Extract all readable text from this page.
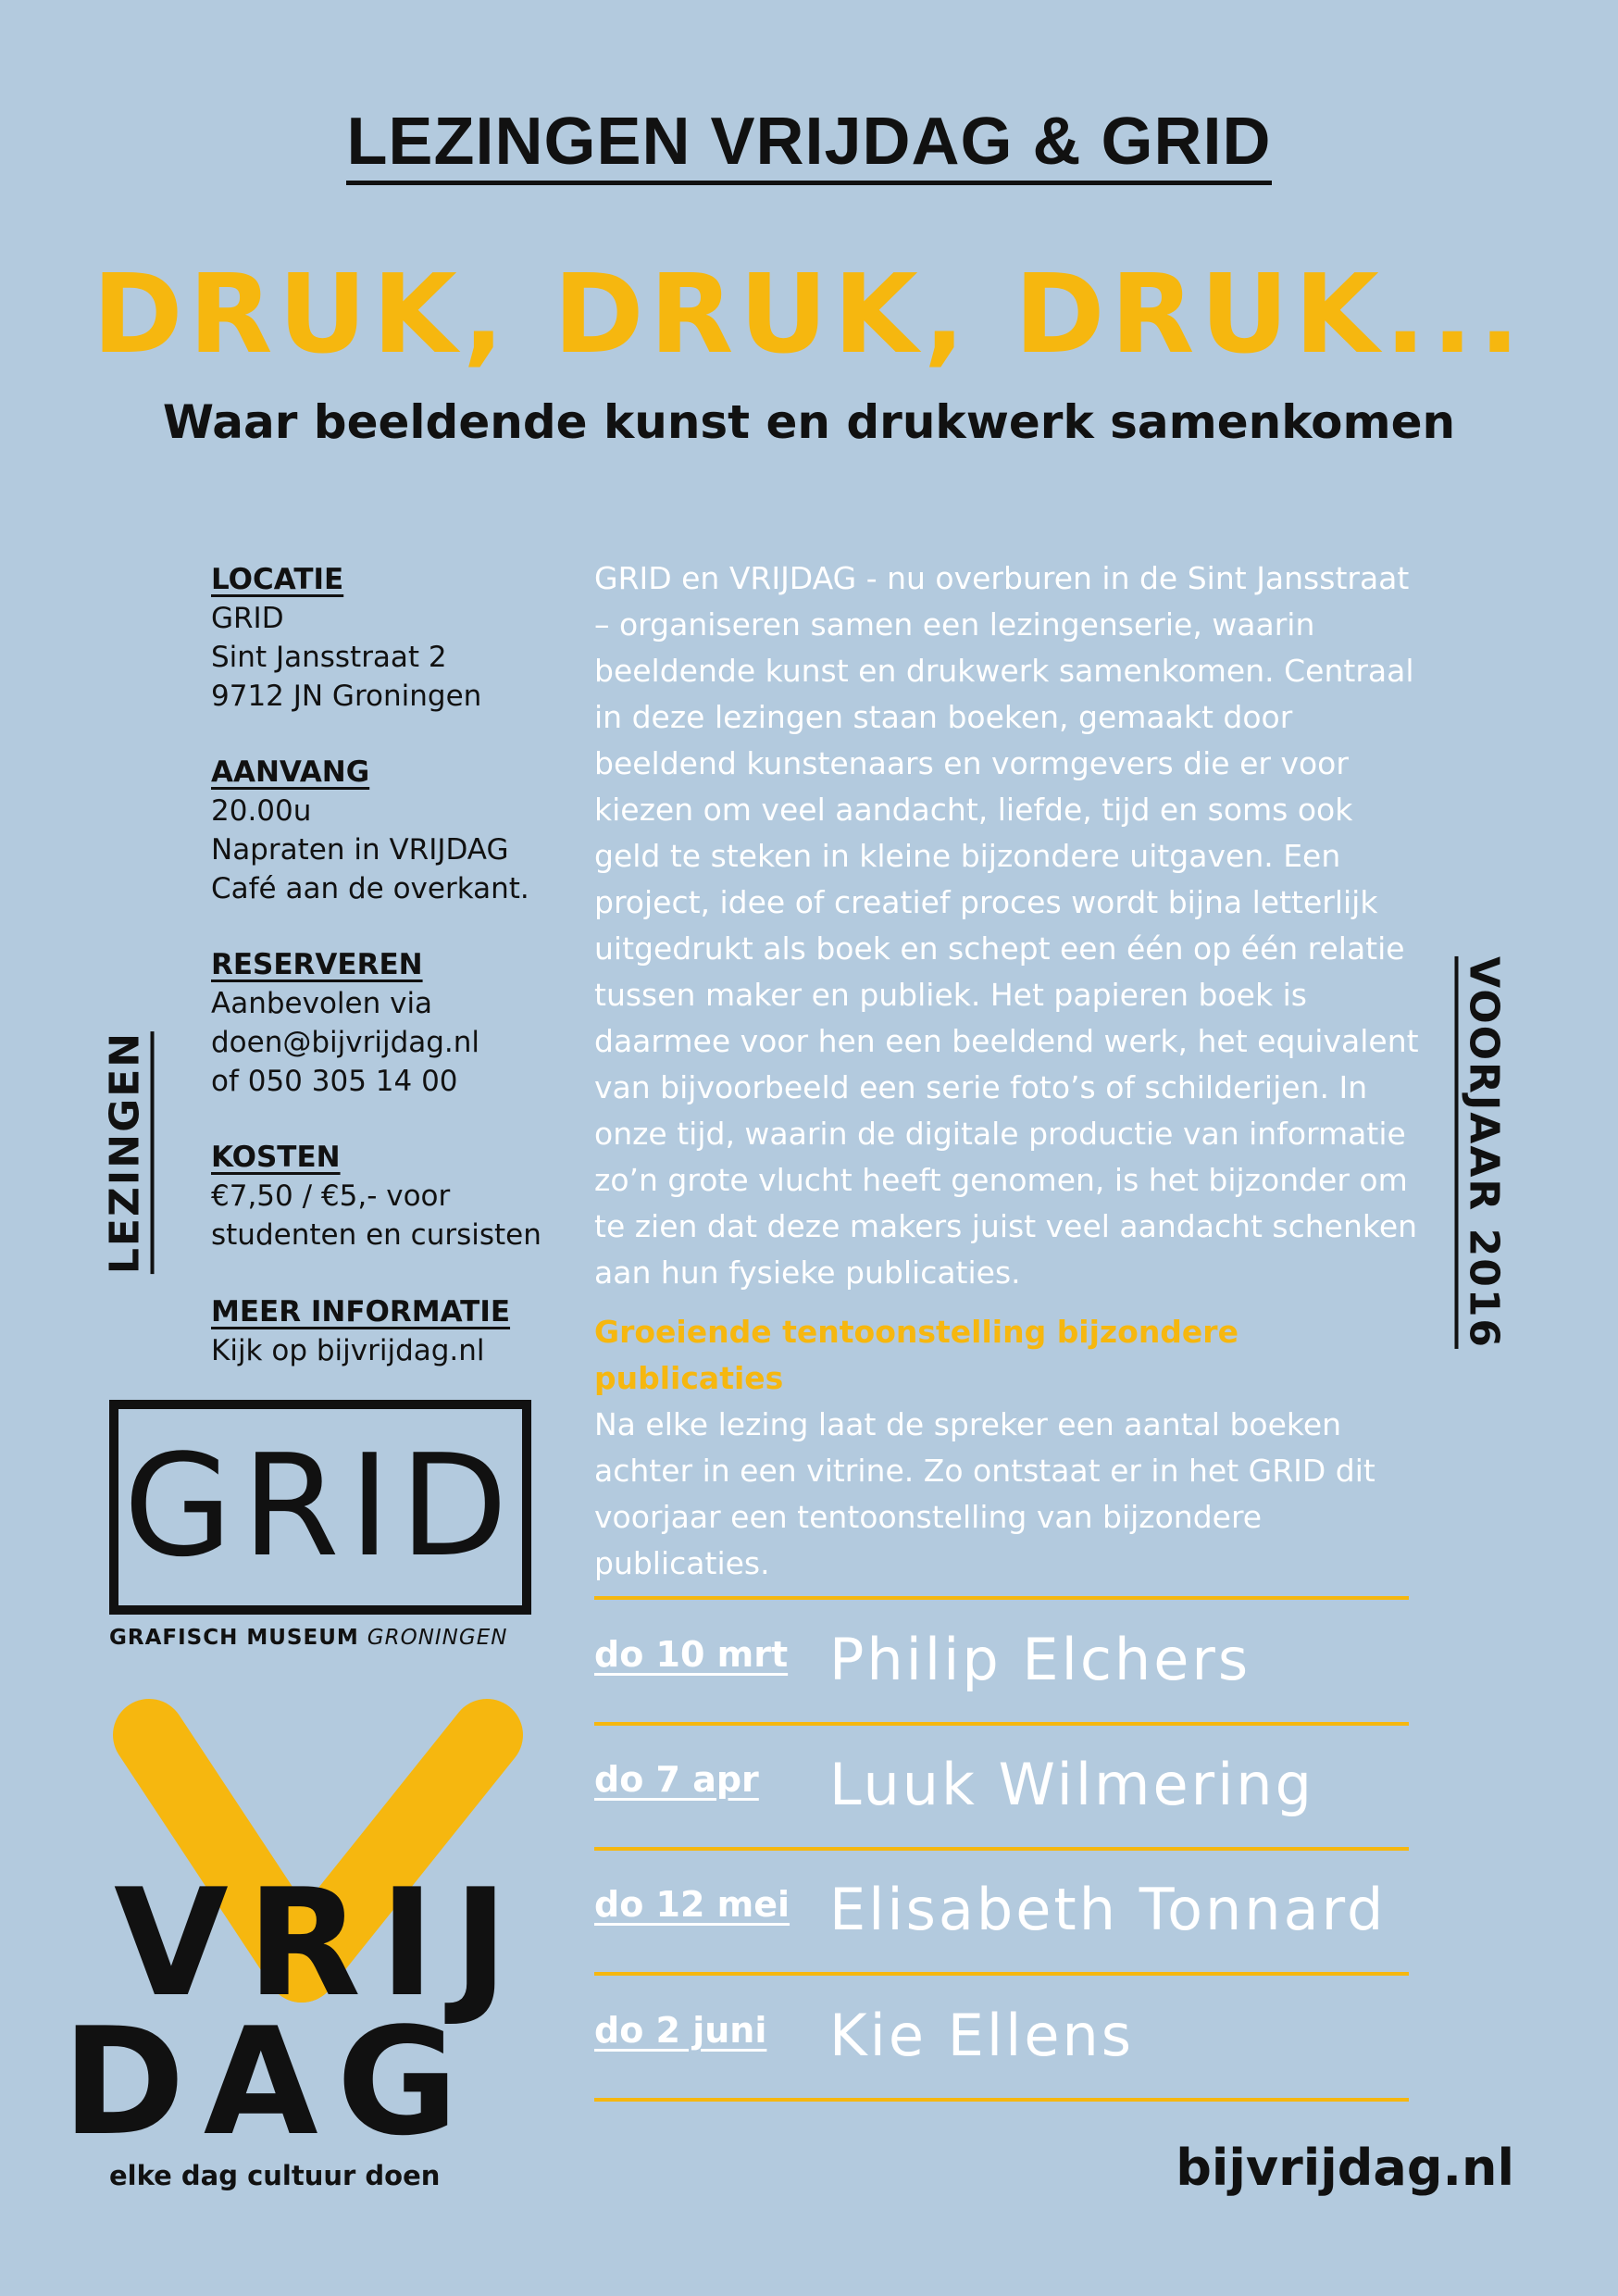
LEZINGEN VRIJDAG & GRID
DRUK, DRUK, DRUK...
Waar beeldende kunst en drukwerk samenkomen
LOCATIE
GRID
Sint Jansstraat 2
9712 JN Groningen
AANVANG
20.00u
Napraten in VRIJDAG
Café aan de overkant.
RESERVEREN
Aanbevolen via
doen@bijvrijdag.nl
of 050 305 14 00
KOSTEN
€7,50 / €5,- voor
studenten en cursisten
MEER INFORMATIE
Kijk op bijvrijdag.nl
LEZINGEN	VOORJAAR 2016

GRID en VRIJDAG - nu overburen in de Sint Jansstraat – organiseren samen een lezingenserie, waarin beeldende kunst en drukwerk samenkomen. Centraal in deze lezingen staan boeken, gemaakt door beeldend kunstenaars en vormgevers die er voor kiezen om veel aandacht, liefde, tijd en soms ook geld te steken in kleine bijzondere uitgaven. Een project, idee of creatief proces wordt bijna letterlijk uitgedrukt als boek en schept een één op één relatie tussen maker en publiek. Het papieren boek is daarmee voor hen een beeldend werk, het equivalent van bijvoorbeeld een serie foto’s of schilderijen. In onze tijd, waarin de digitale productie van informatie zo’n grote vlucht heeft genomen, is het bijzonder om te zien dat deze makers juist veel aandacht schenken aan hun fysieke publicaties.

Groeiende tentoonstelling bijzondere publicaties

Na elke lezing laat de spreker een aantal boeken achter in een vitrine. Zo ontstaat er in het GRID dit voorjaar een tentoonstelling van bijzondere publicaties.

do 10 mrt Philip Elchers
do 7 apr Luuk Wilmering
do 12 mei Elisabeth Tonnard
do 2 juni Kie Ellens
GRID
GRAFISCH MUSEUM GRONINGEN
VRIJ
DAG
elke dag cultuur doen	bijvrijdag.nl
